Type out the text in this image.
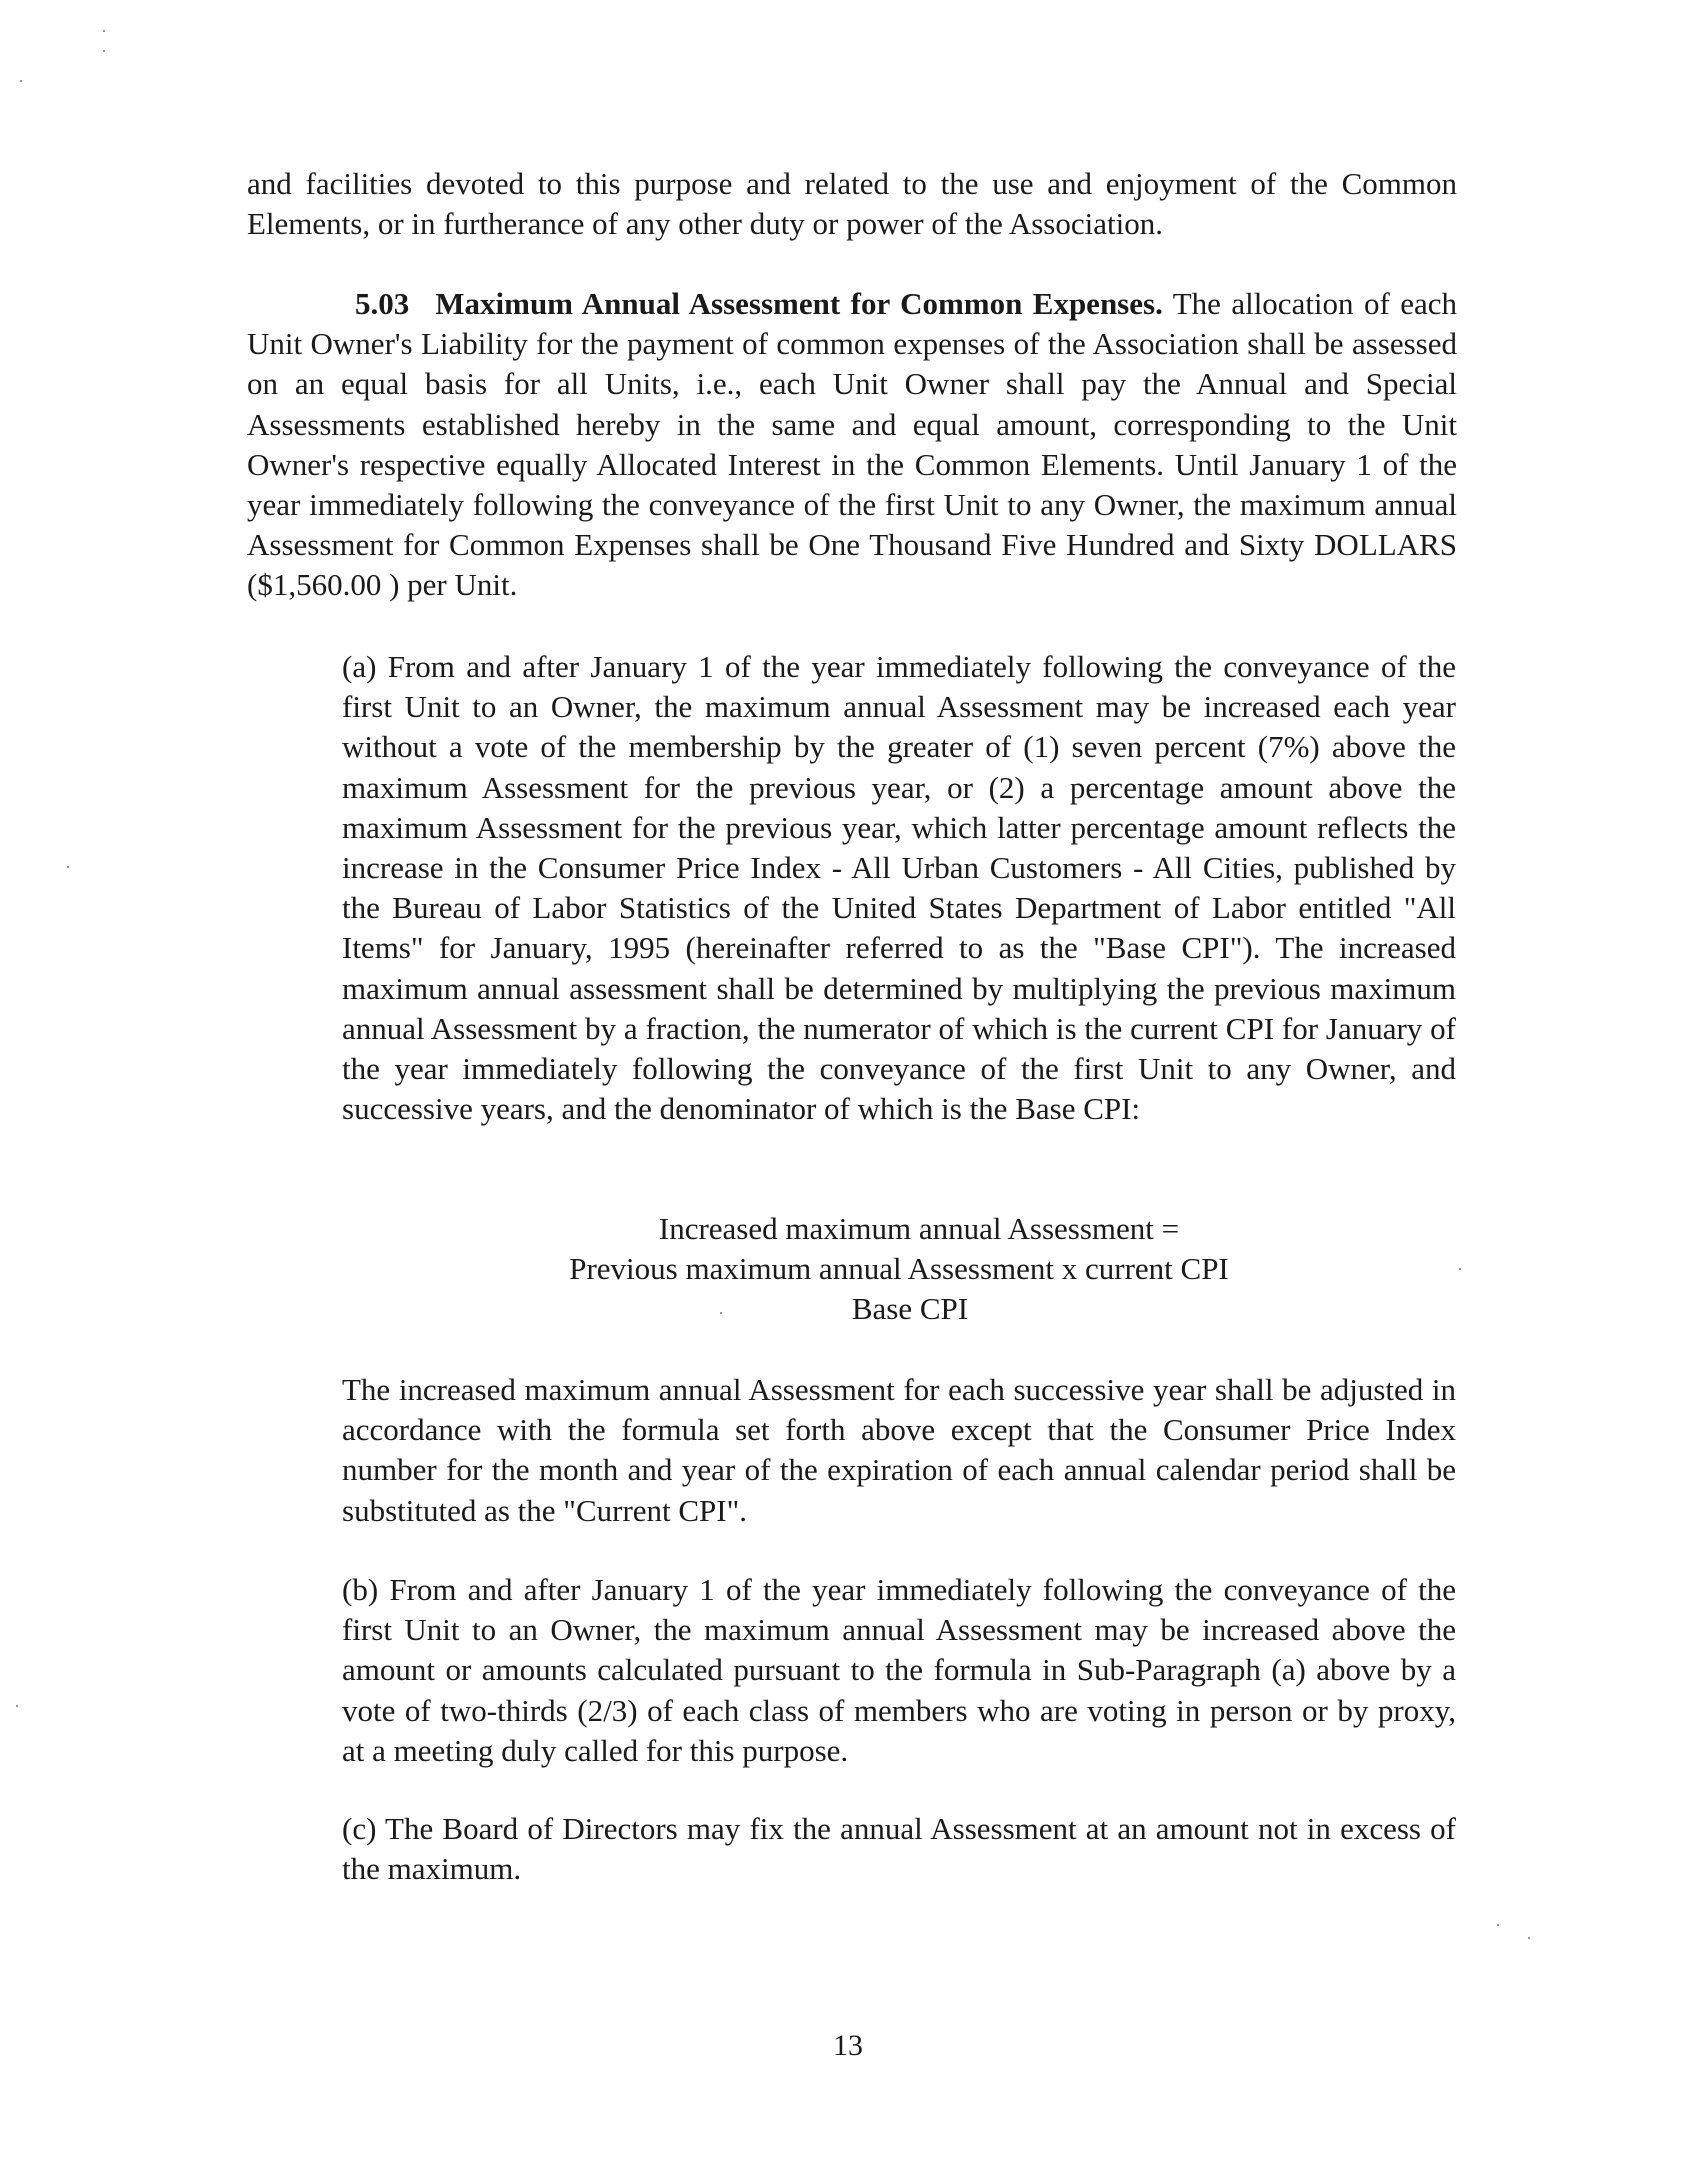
and facilities devoted to this purpose and related to the use and enjoyment of the Common Elements, or in furtherance of any other duty or power of the Association.

5.03 Maximum Annual Assessment for Common Expenses. The allocation of each Unit Owner's Liability for the payment of common expenses of the Association shall be assessed on an equal basis for all Units, i.e., each Unit Owner shall pay the Annual and Special Assessments established hereby in the same and equal amount, corresponding to the Unit Owner's respective equally Allocated Interest in the Common Elements. Until January 1 of the year immediately following the conveyance of the first Unit to any Owner, the maximum annual Assessment for Common Expenses shall be One Thousand Five Hundred and Sixty DOLLARS ($1,560.00 ) per Unit.

(a) From and after January 1 of the year immediately following the conveyance of the first Unit to an Owner, the maximum annual Assessment may be increased each year without a vote of the membership by the greater of (1) seven percent (7%) above the maximum Assessment for the previous year, or (2) a percentage amount above the maximum Assessment for the previous year, which latter percentage amount reflects the increase in the Consumer Price Index - All Urban Customers - All Cities, published by the Bureau of Labor Statistics of the United States Department of Labor entitled "All Items" for January, 1995 (hereinafter referred to as the "Base CPI"). The increased maximum annual assessment shall be determined by multiplying the previous maximum annual Assessment by a fraction, the numerator of which is the current CPI for January of the year immediately following the conveyance of the first Unit to any Owner, and successive years, and the denominator of which is the Base CPI:

Increased maximum annual Assessment =
Previous maximum annual Assessment x current CPI
Base CPI

The increased maximum annual Assessment for each successive year shall be adjusted in accordance with the formula set forth above except that the Consumer Price Index number for the month and year of the expiration of each annual calendar period shall be substituted as the "Current CPI".

(b) From and after January 1 of the year immediately following the conveyance of the first Unit to an Owner, the maximum annual Assessment may be increased above the amount or amounts calculated pursuant to the formula in Sub-Paragraph (a) above by a vote of two-thirds (2/3) of each class of members who are voting in person or by proxy, at a meeting duly called for this purpose.

(c) The Board of Directors may fix the annual Assessment at an amount not in excess of the maximum.

13
